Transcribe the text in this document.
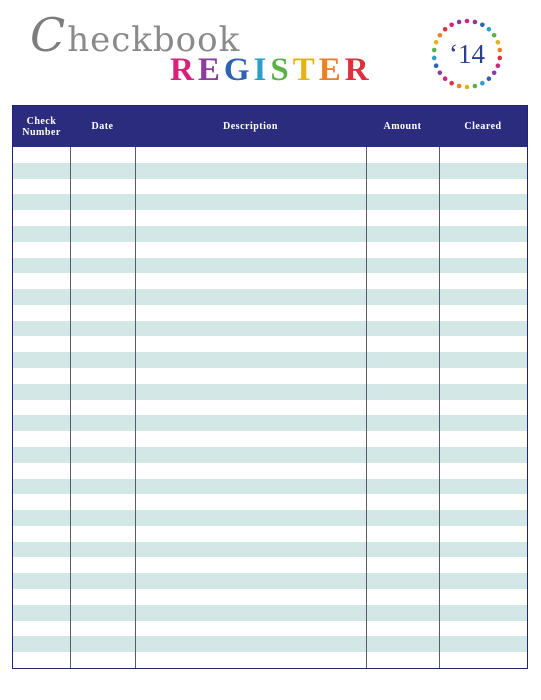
Checkbook
REGISTER	‘14
Check
Number	Date	Description	Amount	Cleared
